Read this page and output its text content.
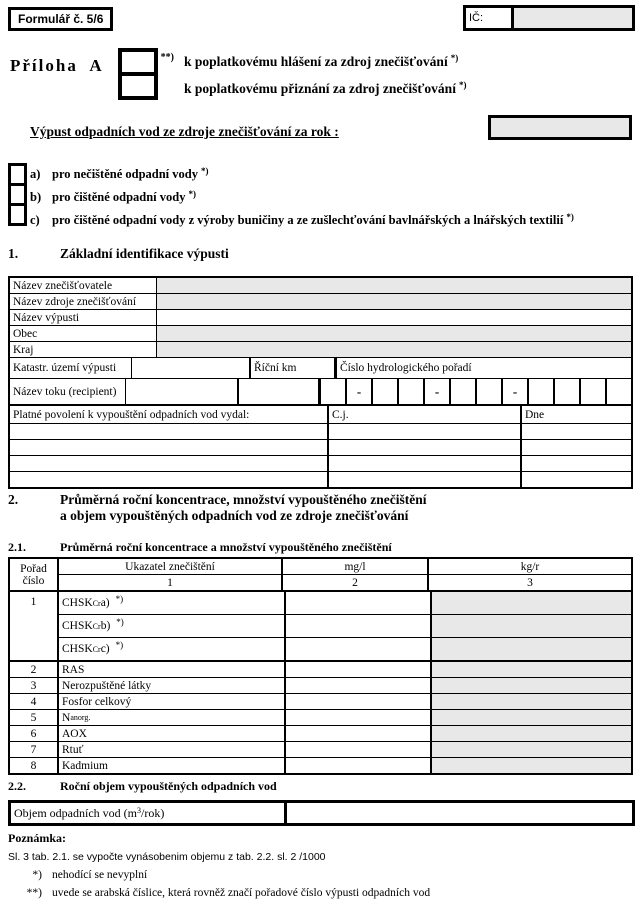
Formulář č. 5/6	IČ:
Příloha  A	**) k poplatkovému hlášení za zdroj znečišťování *)
k poplatkovému přiznání za zdroj znečišťování *)
Výpust odpadních vod ze zdroje znečišťování za rok :
a) pro nečištěné odpadní vody *)
b) pro čištěné odpadní vody *)
c) pro čištěné odpadní vody z výroby buničiny a ze zušlechťování bavlnářských a lnářských textilií *)
1.	Základní identifikace výpusti
Název znečišťovatele
Název zdroje znečišťování
Název výpusti
Obec
Kraj
Katastr. území výpusti	Říční km	Číslo hydrologického pořadí
Název toku (recipient)	-	-	-
Platné povolení k vypouštění odpadních vod vydal:	C.j.	Dne
2.	Průměrná roční koncentrace, množství vypouštěného znečištění
a objem vypouštěných odpadních vod ze zdroje znečišťování
2.1.	Průměrná roční koncentrace a množství vypouštěného znečištění
Pořad
číslo
Ukazatel znečištění	mg/l	kg/r
1	2	3
1	CHSK Cr a) *)
CHSK Cr b) *)
CHSK Cr c) *)
2	RAS
3	Nerozpuštěné látky
4	Fosfor celkový
5	N anorg.
6	AOX
7	Rtuť
8	Kadmium
2.2.	Roční objem vypouštěných odpadních vod
Objem odpadních vod (m 3 /rok)
Poznámka:
Sl. 3 tab. 2.1. se vypočte vynásobenim objemu z tab. 2.2. sl. 2 /1000
*) nehodící se nevyplní
**) uvede se arabská číslice, která rovněž značí pořadové číslo výpusti odpadních vod
